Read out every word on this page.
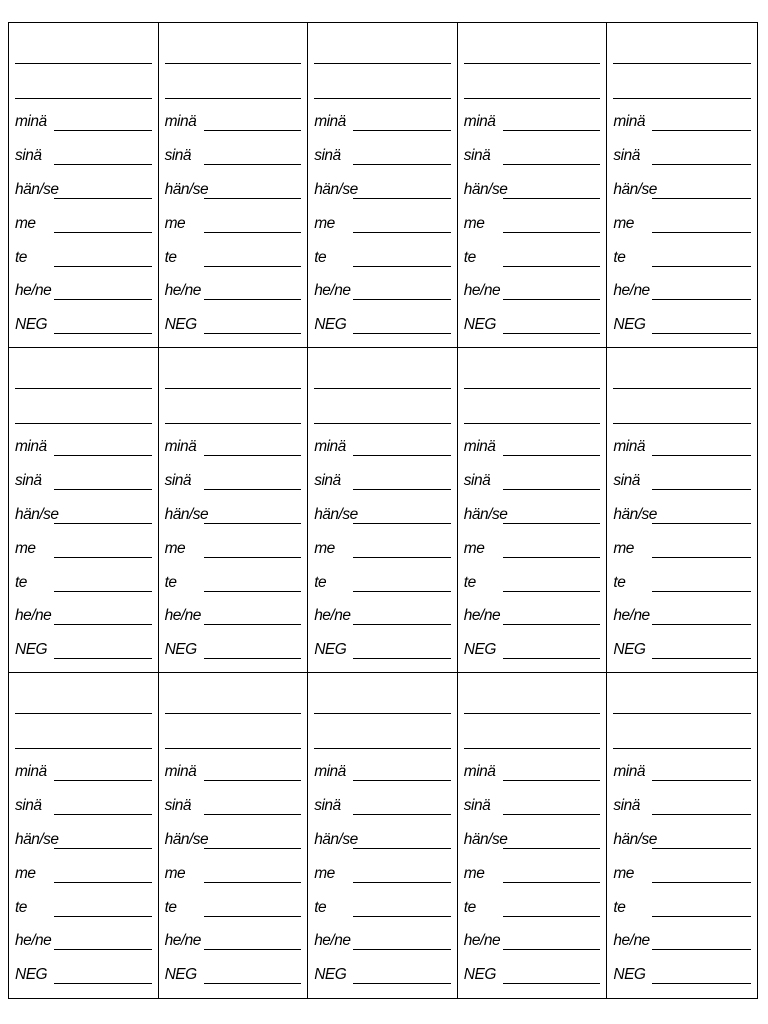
minä
sinä
hän/se
me
te
he/ne
NEG
minä
sinä
hän/se
me
te
he/ne
NEG
minä
sinä
hän/se
me
te
he/ne
NEG
minä
sinä
hän/se
me
te
he/ne
NEG
minä
sinä
hän/se
me
te
he/ne
NEG
minä
sinä
hän/se
me
te
he/ne
NEG
minä
sinä
hän/se
me
te
he/ne
NEG
minä
sinä
hän/se
me
te
he/ne
NEG
minä
sinä
hän/se
me
te
he/ne
NEG
minä
sinä
hän/se
me
te
he/ne
NEG
minä
sinä
hän/se
me
te
he/ne
NEG
minä
sinä
hän/se
me
te
he/ne
NEG
minä
sinä
hän/se
me
te
he/ne
NEG
minä
sinä
hän/se
me
te
he/ne
NEG
minä
sinä
hän/se
me
te
he/ne
NEG
